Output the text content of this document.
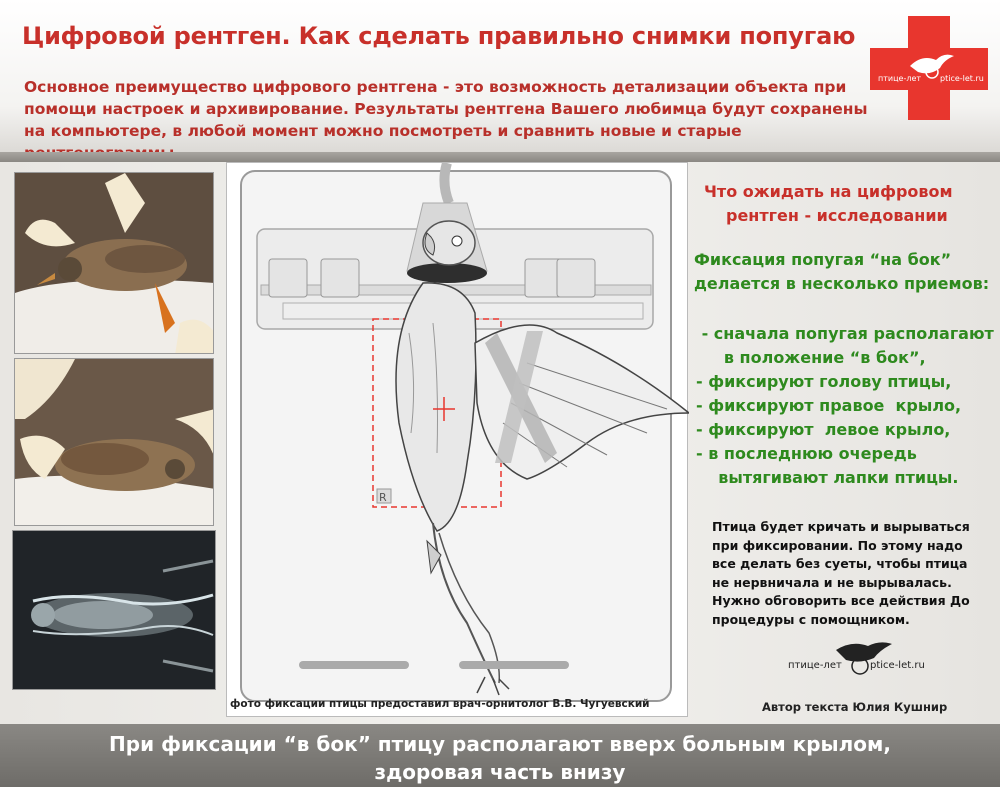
Цифровой рентген. Как сделать правильно снимки попугаю
Основное преимущество цифрового рентгена - это возможность детализации объекта при
помощи настроек и архивирование. Результаты рентгена Вашего любимца будут сохранены
на компьютере, в любой момент можно посмотреть и сравнить новые и старые
птице-лет ptice-let.ru
R
фото фиксации птицы предоставил врач-орнитолог В.В. Чугуевский
Что ожидать на цифровом
рентген - исследовании
Фиксация попугая “на бок”
делается в несколько приемов:
- сначала попугая располагают
в положение “в бок”,
- фиксируют голову птицы,
- фиксируют правое  крыло,
- фиксируют  левое крыло,
- в последнюю очередь
вытягивают лапки птицы.
Птица будет кричать и вырываться
при фиксировании. По этому надо
все делать без суеты, чтобы птица
не нервничала и не вырывалась.
Нужно обговорить все действия До
процедуры с помощником.
птице-лет	ptice-let.ru
Автор текста Юлия Кушнир
При фиксации “в бок” птицу располагают вверх больным крылом,
здоровая часть внизу
